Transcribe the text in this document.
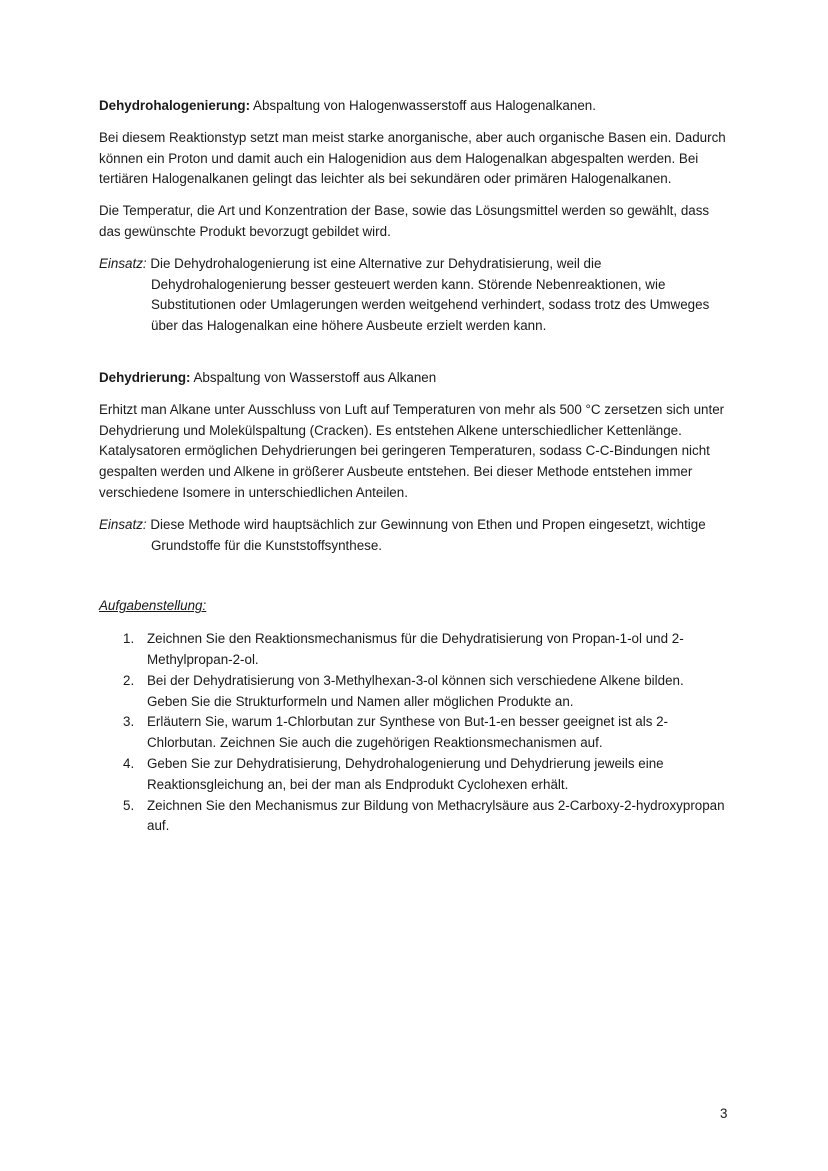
Dehydrohalogenierung: Abspaltung von Halogenwasserstoff aus Halogenalkanen.

Bei diesem Reaktionstyp setzt man meist starke anorganische, aber auch organische Basen ein. Dadurch können ein Proton und damit auch ein Halogenidion aus dem Halogenalkan abgespalten werden. Bei tertiären Halogenalkanen gelingt das leichter als bei sekundären oder primären Halogenalkanen.

Die Temperatur, die Art und Konzentration der Base, sowie das Lösungsmittel werden so gewählt, dass das gewünschte Produkt bevorzugt gebildet wird.

Einsatz: Die Dehydrohalogenierung ist eine Alternative zur Dehydratisierung, weil die Dehydrohalogenierung besser gesteuert werden kann. Störende Nebenreaktionen, wie Substitutionen oder Umlagerungen werden weitgehend verhindert, sodass trotz des Umweges über das Halogenalkan eine höhere Ausbeute erzielt werden kann.

Dehydrierung: Abspaltung von Wasserstoff aus Alkanen

Erhitzt man Alkane unter Ausschluss von Luft auf Temperaturen von mehr als 500 °C zersetzen sich unter Dehydrierung und Molekülspaltung (Cracken). Es entstehen Alkene unterschiedlicher Kettenlänge. Katalysatoren ermöglichen Dehydrierungen bei geringeren Temperaturen, sodass C-C-Bindungen nicht gespalten werden und Alkene in größerer Ausbeute entstehen. Bei dieser Methode entstehen immer verschiedene Isomere in unterschiedlichen Anteilen.

Einsatz: Diese Methode wird hauptsächlich zur Gewinnung von Ethen und Propen eingesetzt, wichtige Grundstoffe für die Kunststoffsynthese.

Aufgabenstellung:

1. Zeichnen Sie den Reaktionsmechanismus für die Dehydratisierung von Propan-1-ol und 2-Methylpropan-2-ol.
2. Bei der Dehydratisierung von 3-Methylhexan-3-ol können sich verschiedene Alkene bilden. Geben Sie die Strukturformeln und Namen aller möglichen Produkte an.
3. Erläutern Sie, warum 1-Chlorbutan zur Synthese von But-1-en besser geeignet ist als 2-Chlorbutan. Zeichnen Sie auch die zugehörigen Reaktionsmechanismen auf.
4. Geben Sie zur Dehydratisierung, Dehydrohalogenierung und Dehydrierung jeweils eine Reaktionsgleichung an, bei der man als Endprodukt Cyclohexen erhält.
5. Zeichnen Sie den Mechanismus zur Bildung von Methacrylsäure aus 2-Carboxy-2-hydroxypropan auf.
3
